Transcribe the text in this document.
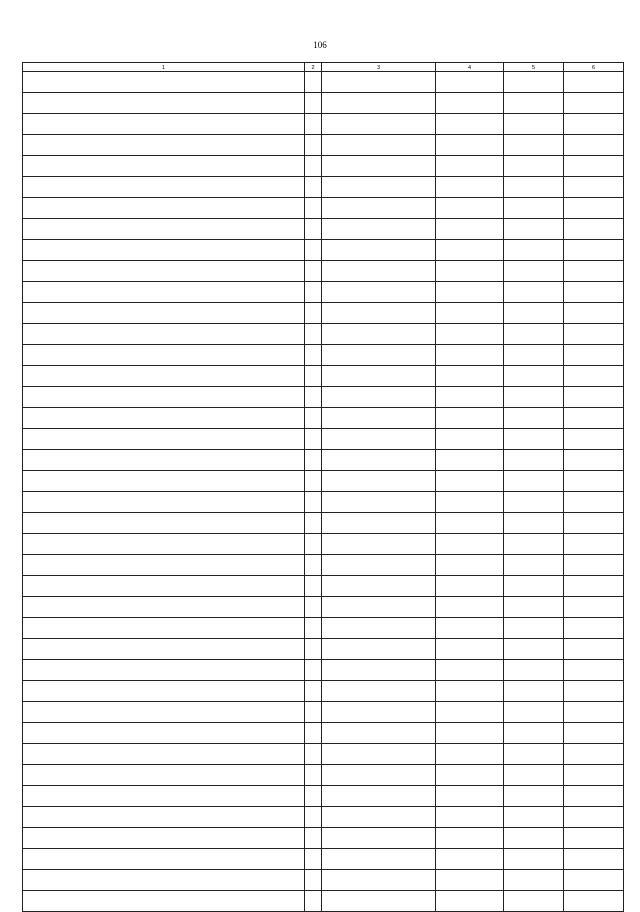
106
1	2	3	4	5	6
